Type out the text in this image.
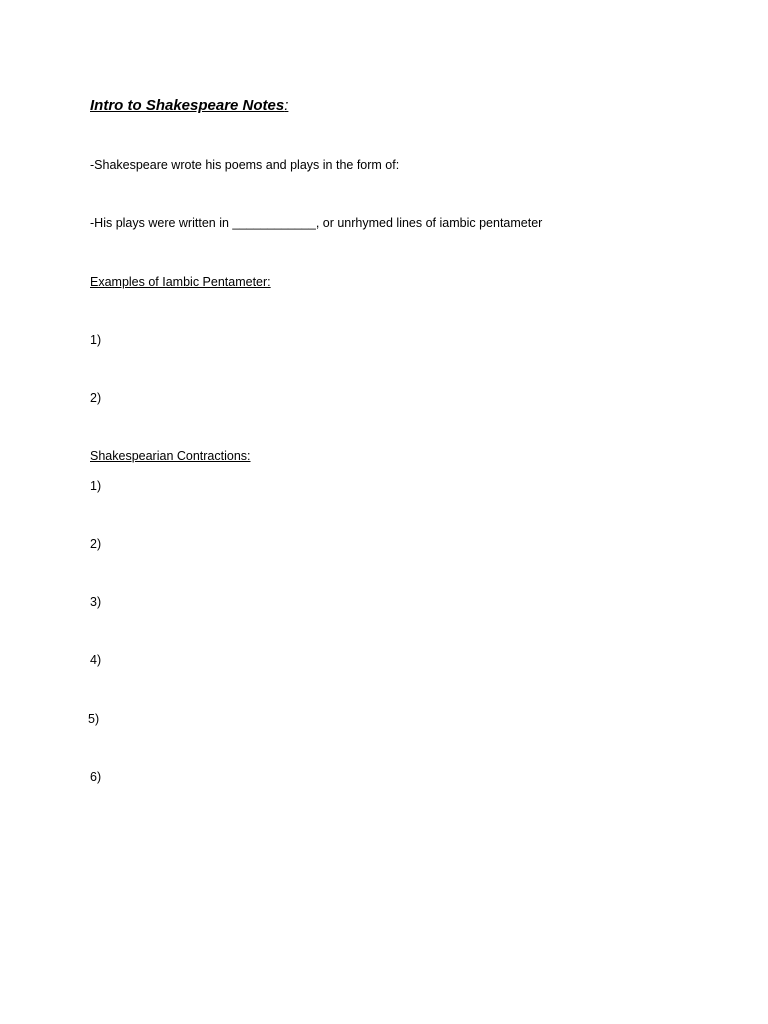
Intro to Shakespeare Notes:
-Shakespeare wrote his poems and plays in the form of:
-His plays were written in ____________, or unrhymed lines of iambic pentameter
Examples of Iambic Pentameter:
1)
2)
Shakespearian Contractions:
1)
2)
3)
4)
5)
6)
